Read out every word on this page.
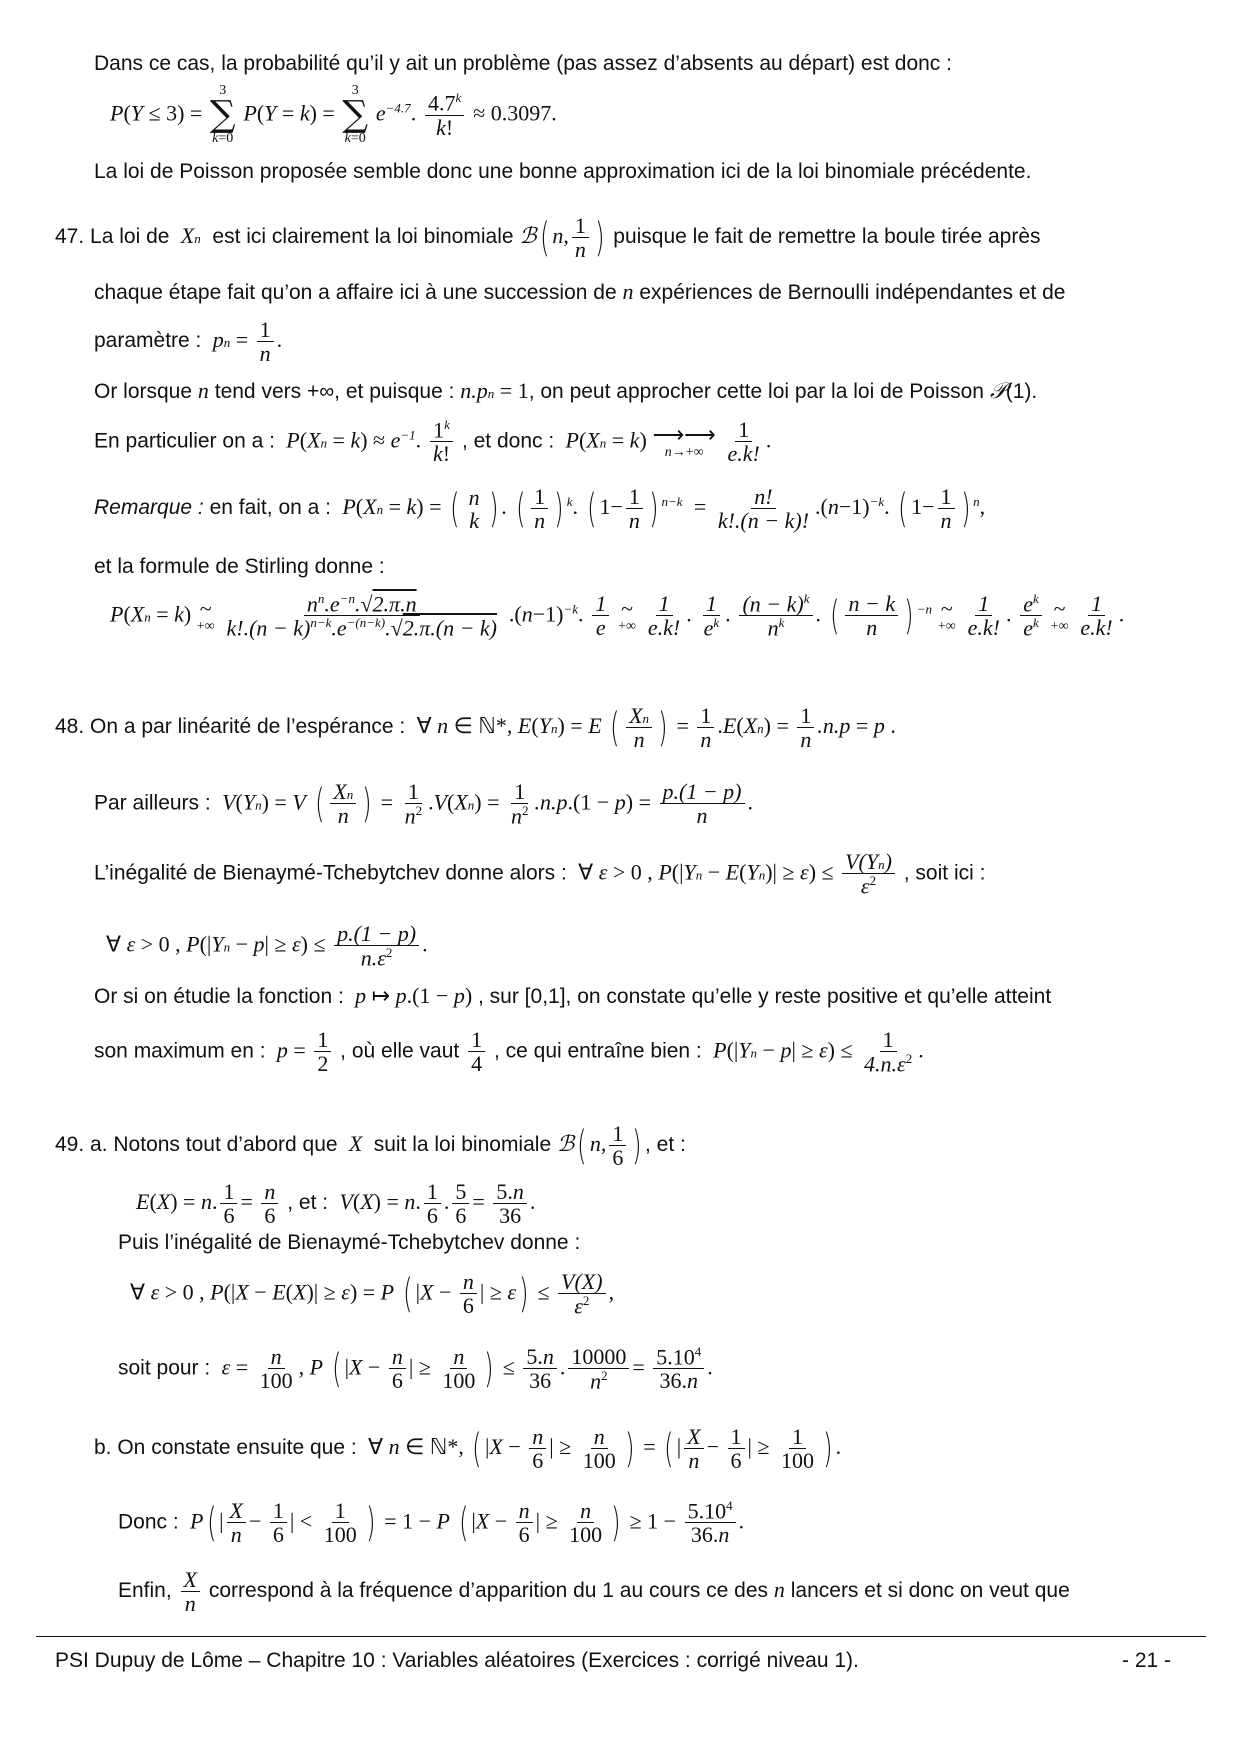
Dans ce cas, la probabilité qu’il y ait un problème (pas assez d’absents au départ) est donc :
P(Y ≤ 3) =
3
∑
k=0
P(Y = k) =
3
∑
k=0
$e^{-4.7}$. $\frac{4.7^k}{k!} \approx 0.3097$.
La loi de Poisson proposée semble donc une bonne approximation ici de la loi binomiale précédente.
47. La loi de  Xn est ici clairement la loi binomiale ℬ( n, $\frac{1}{n}$ ) puisque le fait de remettre la boule tirée après
chaque étape fait qu’on a affaire ici à une succession de n expériences de Bernoulli indépendantes et de
paramètre :  pn = $\frac{1}{n}$ .
Or lorsque n tend vers +∞, et puisque : n.pn = 1, on peut approcher cette loi par la loi de Poisson 𝒫(1).
En particulier on a :  $P(Xn = k) \approx e^{-1}$. $\frac{1^k}{k!}$ , et donc :  P(Xn = k) ⟶⟶
n→+∞
$\frac{1}{e.k!}$ .
Remarque : en fait, on a :  P(Xn = k) = ( n
k ) . ( $\frac{1}{n}$ ) $^k$. ( $1- \frac{1}{n}$ ) $^{n-k} = \frac{n!}{k!.(n - k)!} .(n-1)^{-k}$. ( $1- \frac{1}{n}$ ) $^n$,
et la formule de Stirling donne :
P(Xn = k) ~
+∞
$\frac{n^n.e^{-n}.√2.\pi.n}{k!.(n - k)^{n-k}.e^{-(n-k)}.√2.\pi.(n - k)} .(n-1)^{-k}$. $\frac{1}{e}$
~
+∞
$\frac{1}{e.k!}$ . $\frac{1}{e^k}$ . $\frac{(n - k)^k}{n^k}$ . ( $\frac{n - k}{n}$ ) $^{-n}$ ~
+∞
$\frac{1}{e.k!}$ . $\frac{e^k}{e^k}$
~
+∞
$\frac{1}{e.k!}$ .
48. On a par linéarité de l’espérance :  ∀ n ∈ ℕ*, E(Yn) = E ( $\frac{Xn}{n}$ ) = $\frac{1}{n} .E(Xn) = \frac{1}{n} .n.p = p$ .
Par ailleurs :  V(Yn) = V ( $\frac{Xn}{n}$ ) = $\frac{1}{n^2} .V(Xn) = \frac{1}{n^2} .n.p.(1 - p) = \frac{p.(1 - p)}{n}$ .
L’inégalité de Bienaymé-Tchebytchev donne alors :  ∀ ε > 0 , $P(|Yn - E(Yn)| \ge \varepsilon) \le \frac{V(Yn)}{\varepsilon^2}$ , soit ici :
∀ ε > 0 , $P(|Yn - p| \ge \varepsilon) \le \frac{p.(1 - p)}{n.\varepsilon^2}$ .
Or si on étudie la fonction :  p ↦ p.(1 − p) , sur [0,1], on constate qu’elle y reste positive et qu’elle atteint
son maximum en :  $p = \frac{1}{2}$ , où elle vaut $\frac{1}{4}$ , ce qui entraîne bien :  $P(|Yn - p| \ge \varepsilon) \le \frac{1}{4.n.\varepsilon^2}$ .
49. a. Notons tout d’abord que  X  suit la loi binomiale ℬ( n, $\frac{1}{6}$ ) , et :
E(X) = n. $\frac{1}{6} = \frac{n}{6}$ , et :  V(X) = n. $\frac{1}{6}$ . $\frac{5}{6} = \frac{5.n}{36}$ .
Puis l’inégalité de Bienaymé-Tchebytchev donne :
∀ ε > 0 , P(|X − E(X)| ≥ ε) = P ( $|X - \frac{n}{6}$ | ≥ $\varepsilon) \le \frac{V(X)}{\varepsilon^2}$ ,
soit pour :  $\varepsilon = \frac{n}{100}$ , P ( $|X - \frac{n}{6}$ | ≥ $\frac{n}{100}$ ) ≤ $\frac{5.n}{36}$ . $\frac{10000}{n^2} = \frac{5.10^4}{36.n}$ .
b. On constate ensuite que :  ∀ n ∈ ℕ*, ( $|X - \frac{n}{6}$ | ≥ $\frac{n}{100}$ ) = ( | $\frac{X}{n} - \frac{1}{6}$ | ≥ $\frac{1}{100}$ ) .
Donc :  P( | $\frac{X}{n} - \frac{1}{6}$ | < $\frac{1}{100}$ ) = 1 − P ( $|X - \frac{n}{6}$ | ≥ $\frac{n}{100}$ ) ≥ $1 - \frac{5.10^4}{36.n}$ .
Enfin, $\frac{X}{n}$ correspond à la fréquence d’apparition du 1 au cours ce des n lancers et si donc on veut que
PSI Dupuy de Lôme – Chapitre 10 : Variables aléatoires (Exercices : corrigé niveau 1).	- 21 -
